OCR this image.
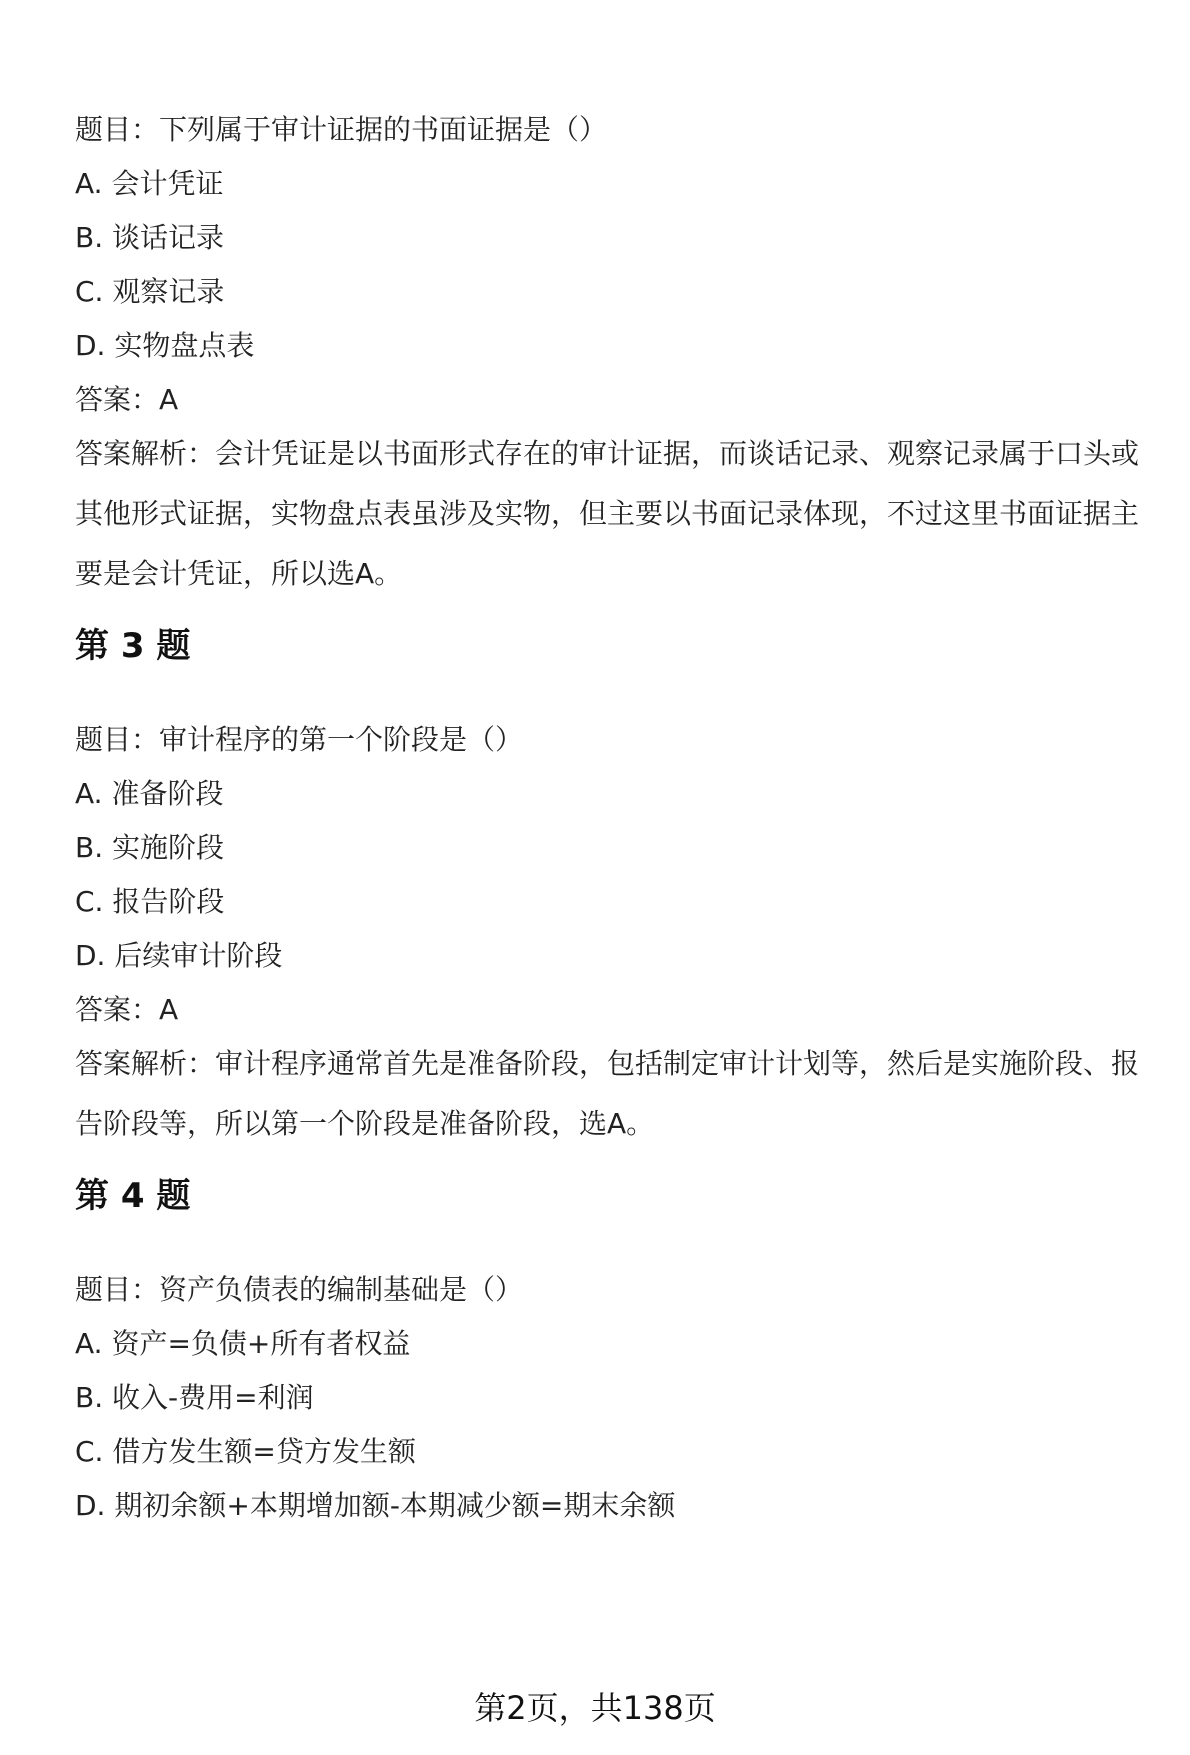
题目：下列属于审计证据的书面证据是（）
A. 会计凭证
B. 谈话记录
C. 观察记录
D. 实物盘点表
答案：A
答案解析：会计凭证是以书面形式存在的审计证据，而谈话记录、观察记录属于口头或其他形式证据，实物盘点表虽涉及实物，但主要以书面记录体现，不过这里书面证据主要是会计凭证，所以选A。
第 3 题
题目：审计程序的第一个阶段是（）
A. 准备阶段
B. 实施阶段
C. 报告阶段
D. 后续审计阶段
答案：A
答案解析：审计程序通常首先是准备阶段，包括制定审计计划等，然后是实施阶段、报告阶段等，所以第一个阶段是准备阶段，选A。
第 4 题
题目：资产负债表的编制基础是（）
A. 资产=负债+所有者权益
B. 收入-费用=利润
C. 借方发生额=贷方发生额
D. 期初余额+本期增加额-本期减少额=期末余额
第2页，共138页
